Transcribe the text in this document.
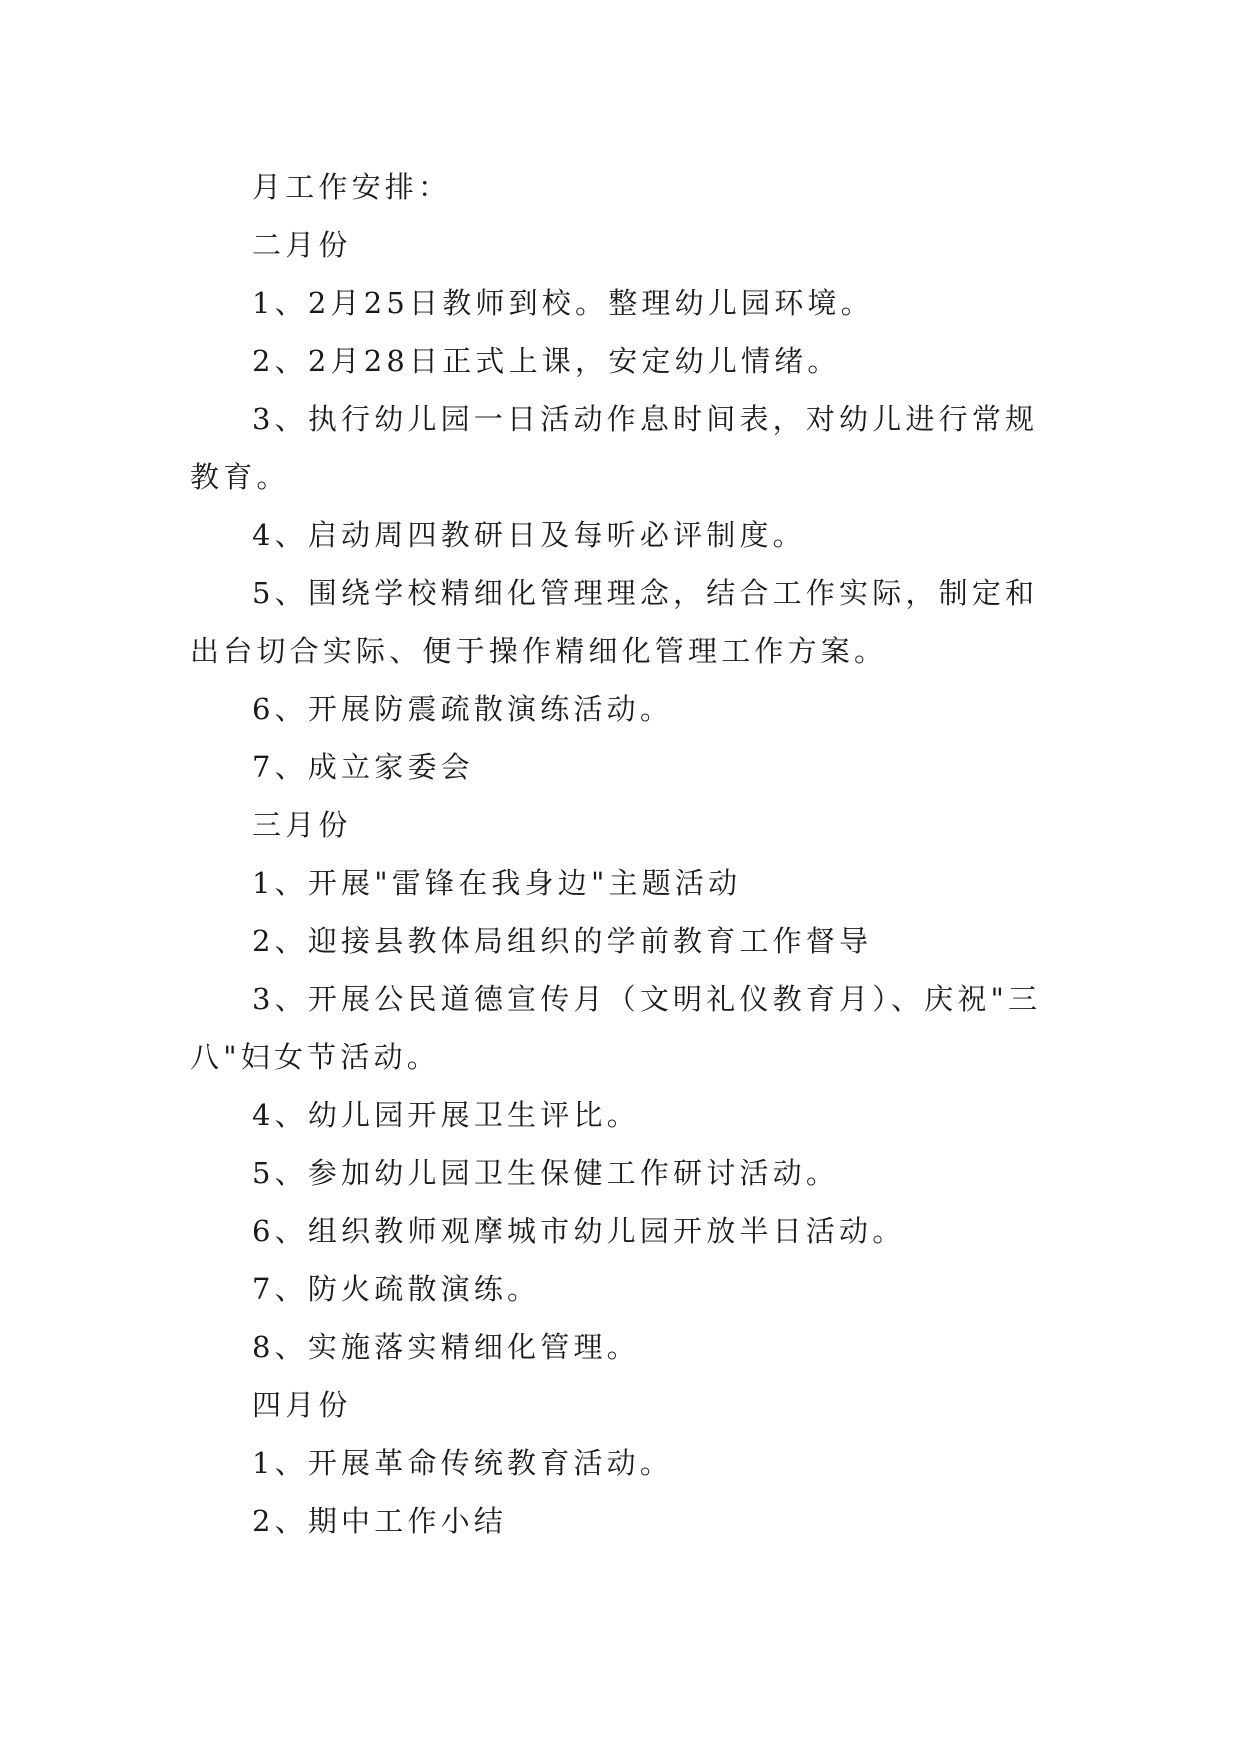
月工作安排：

二月份

1、2月25日教师到校。整理幼儿园环境。

2、2月28日正式上课，安定幼儿情绪。

3、执行幼儿园一日活动作息时间表，对幼儿进行常规教育。

4、启动周四教研日及每听必评制度。

5、围绕学校精细化管理理念，结合工作实际，制定和出台切合实际、便于操作精细化管理工作方案。

6、开展防震疏散演练活动。

7、成立家委会

三月份

1、开展"雷锋在我身边"主题活动

2、迎接县教体局组织的学前教育工作督导

3、开展公民道德宣传月（文明礼仪教育月）、庆祝"三八"妇女节活动。

4、幼儿园开展卫生评比。

5、参加幼儿园卫生保健工作研讨活动。

6、组织教师观摩城市幼儿园开放半日活动。

7、防火疏散演练。

8、实施落实精细化管理。

四月份

1、开展革命传统教育活动。

2、期中工作小结
